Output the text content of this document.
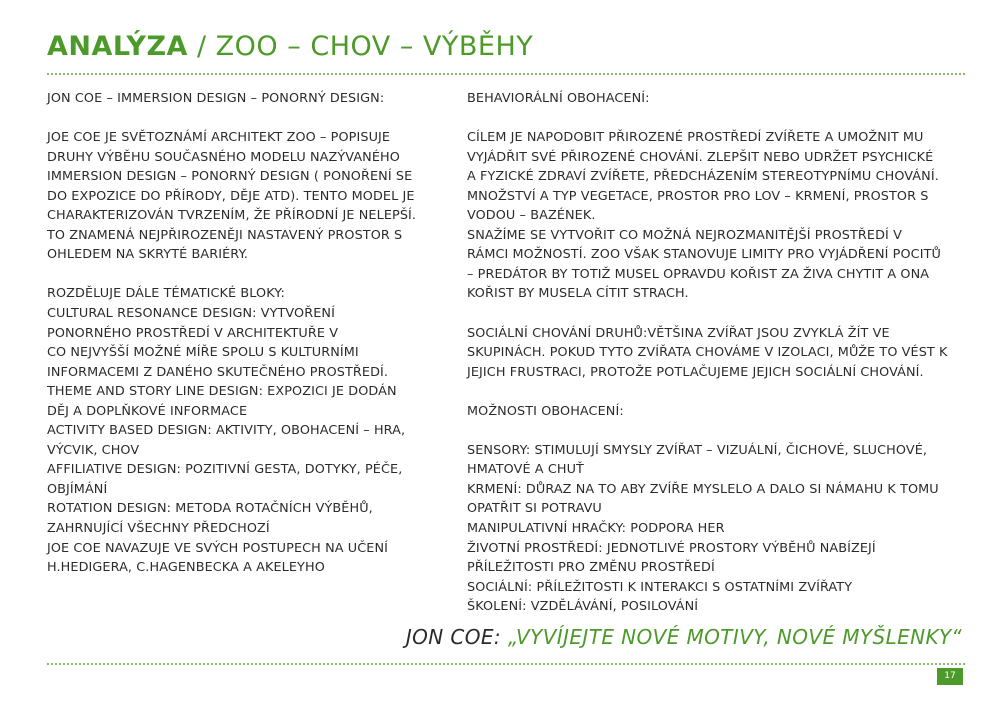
ANALÝZA / ZOO – CHOV – VÝBĚHY

JON COE – IMMERSION DESIGN – PONORNÝ DESIGN:

JOE COE JE SVĚTOZNÁMÍ ARCHITEKT ZOO – POPISUJE

DRUHY VÝBĚHU SOUČASNÉHO MODELU NAZÝVANÉHO

IMMERSION DESIGN – PONORNÝ DESIGN ( PONOŘENÍ SE

DO EXPOZICE DO PŘÍRODY, DĚJE ATD). TENTO MODEL JE

CHARAKTERIZOVÁN TVRZENÍM, ŽE PŘÍRODNÍ JE NELEPŠÍ.

TO ZNAMENÁ NEJPŘIROZENĚJI NASTAVENÝ PROSTOR S

OHLEDEM NA SKRYTÉ BARIÉRY.

ROZDĚLUJE DÁLE TÉMATICKÉ BLOKY:

CULTURAL RESONANCE DESIGN: VYTVOŘENÍ

PONORNÉHO PROSTŘEDÍ V ARCHITEKTUŘE V

CO NEJVYŠŠÍ MOŽNÉ MÍŘE SPOLU S KULTURNÍMI

INFORMACEMI Z DANÉHO SKUTEČNÉHO PROSTŘEDÍ.

THEME AND STORY LINE DESIGN: EXPOZICI JE DODÁN

DĚJ A DOPLŇKOVÉ INFORMACE

ACTIVITY BASED DESIGN: AKTIVITY, OBOHACENÍ – HRA,

VÝCVIK, CHOV

AFFILIATIVE DESIGN: POZITIVNÍ GESTA, DOTYKY, PÉČE,

OBJÍMÁNÍ

ROTATION DESIGN: METODA ROTAČNÍCH VÝBĚHŮ,

ZAHRNUJÍCÍ VŠECHNY PŘEDCHOZÍ

JOE COE NAVAZUJE VE SVÝCH POSTUPECH NA UČENÍ

H.HEDIGERA, C.HAGENBECKA A AKELEYHO

BEHAVIORÁLNÍ OBOHACENÍ:

CÍLEM JE NAPODOBIT PŘIROZENÉ PROSTŘEDÍ ZVÍŘETE A UMOŽNIT MU

VYJÁDŘIT SVÉ PŘIROZENÉ CHOVÁNÍ. ZLEPŠIT NEBO UDRŽET PSYCHICKÉ

A FYZICKÉ ZDRAVÍ ZVÍŘETE, PŘEDCHÁZENÍM STEREOTYPNÍMU CHOVÁNÍ.

MNOŽSTVÍ A TYP VEGETACE, PROSTOR PRO LOV – KRMENÍ, PROSTOR S

VODOU – BAZÉNEK.

SNAŽÍME SE VYTVOŘIT CO MOŽNÁ NEJROZMANITĚJŠÍ PROSTŘEDÍ V

RÁMCI MOŽNOSTÍ. ZOO VŠAK STANOVUJE LIMITY PRO VYJÁDŘENÍ POCITŮ

– PREDÁTOR BY TOTIŽ MUSEL OPRAVDU KOŘIST ZA ŽIVA CHYTIT A ONA

KOŘIST BY MUSELA CÍTIT STRACH.

SOCIÁLNÍ CHOVÁNÍ DRUHŮ:VĚTŠINA ZVÍŘAT JSOU ZVYKLÁ ŽÍT VE

SKUPINÁCH. POKUD TYTO ZVÍŘATA CHOVÁME V IZOLACI, MŮŽE TO VÉST K

JEJICH FRUSTRACI, PROTOŽE POTLAČUJEME JEJICH SOCIÁLNÍ CHOVÁNÍ.

MOŽNOSTI OBOHACENÍ:

SENSORY: STIMULUJÍ SMYSLY ZVÍŘAT – VIZUÁLNÍ, ČICHOVÉ, SLUCHOVÉ,

HMATOVÉ A CHUŤ

KRMENÍ: DŮRAZ NA TO ABY ZVÍŘE MYSLELO A DALO SI NÁMAHU K TOMU

OPATŘIT SI POTRAVU

MANIPULATIVNÍ HRAČKY: PODPORA HER

ŽIVOTNÍ PROSTŘEDÍ: JEDNOTLIVÉ PROSTORY VÝBĚHŮ NABÍZEJÍ

PŘÍLEŽITOSTI PRO ZMĚNU PROSTŘEDÍ

SOCIÁLNÍ: PŘÍLEŽITOSTI K INTERAKCI S OSTATNÍMI ZVÍŘATY

ŠKOLENÍ: VZDĚLÁVÁNÍ, POSILOVÁNÍ

JON COE: „VYVÍJEJTE NOVÉ MOTIVY, NOVÉ MYŠLENKY“
17
